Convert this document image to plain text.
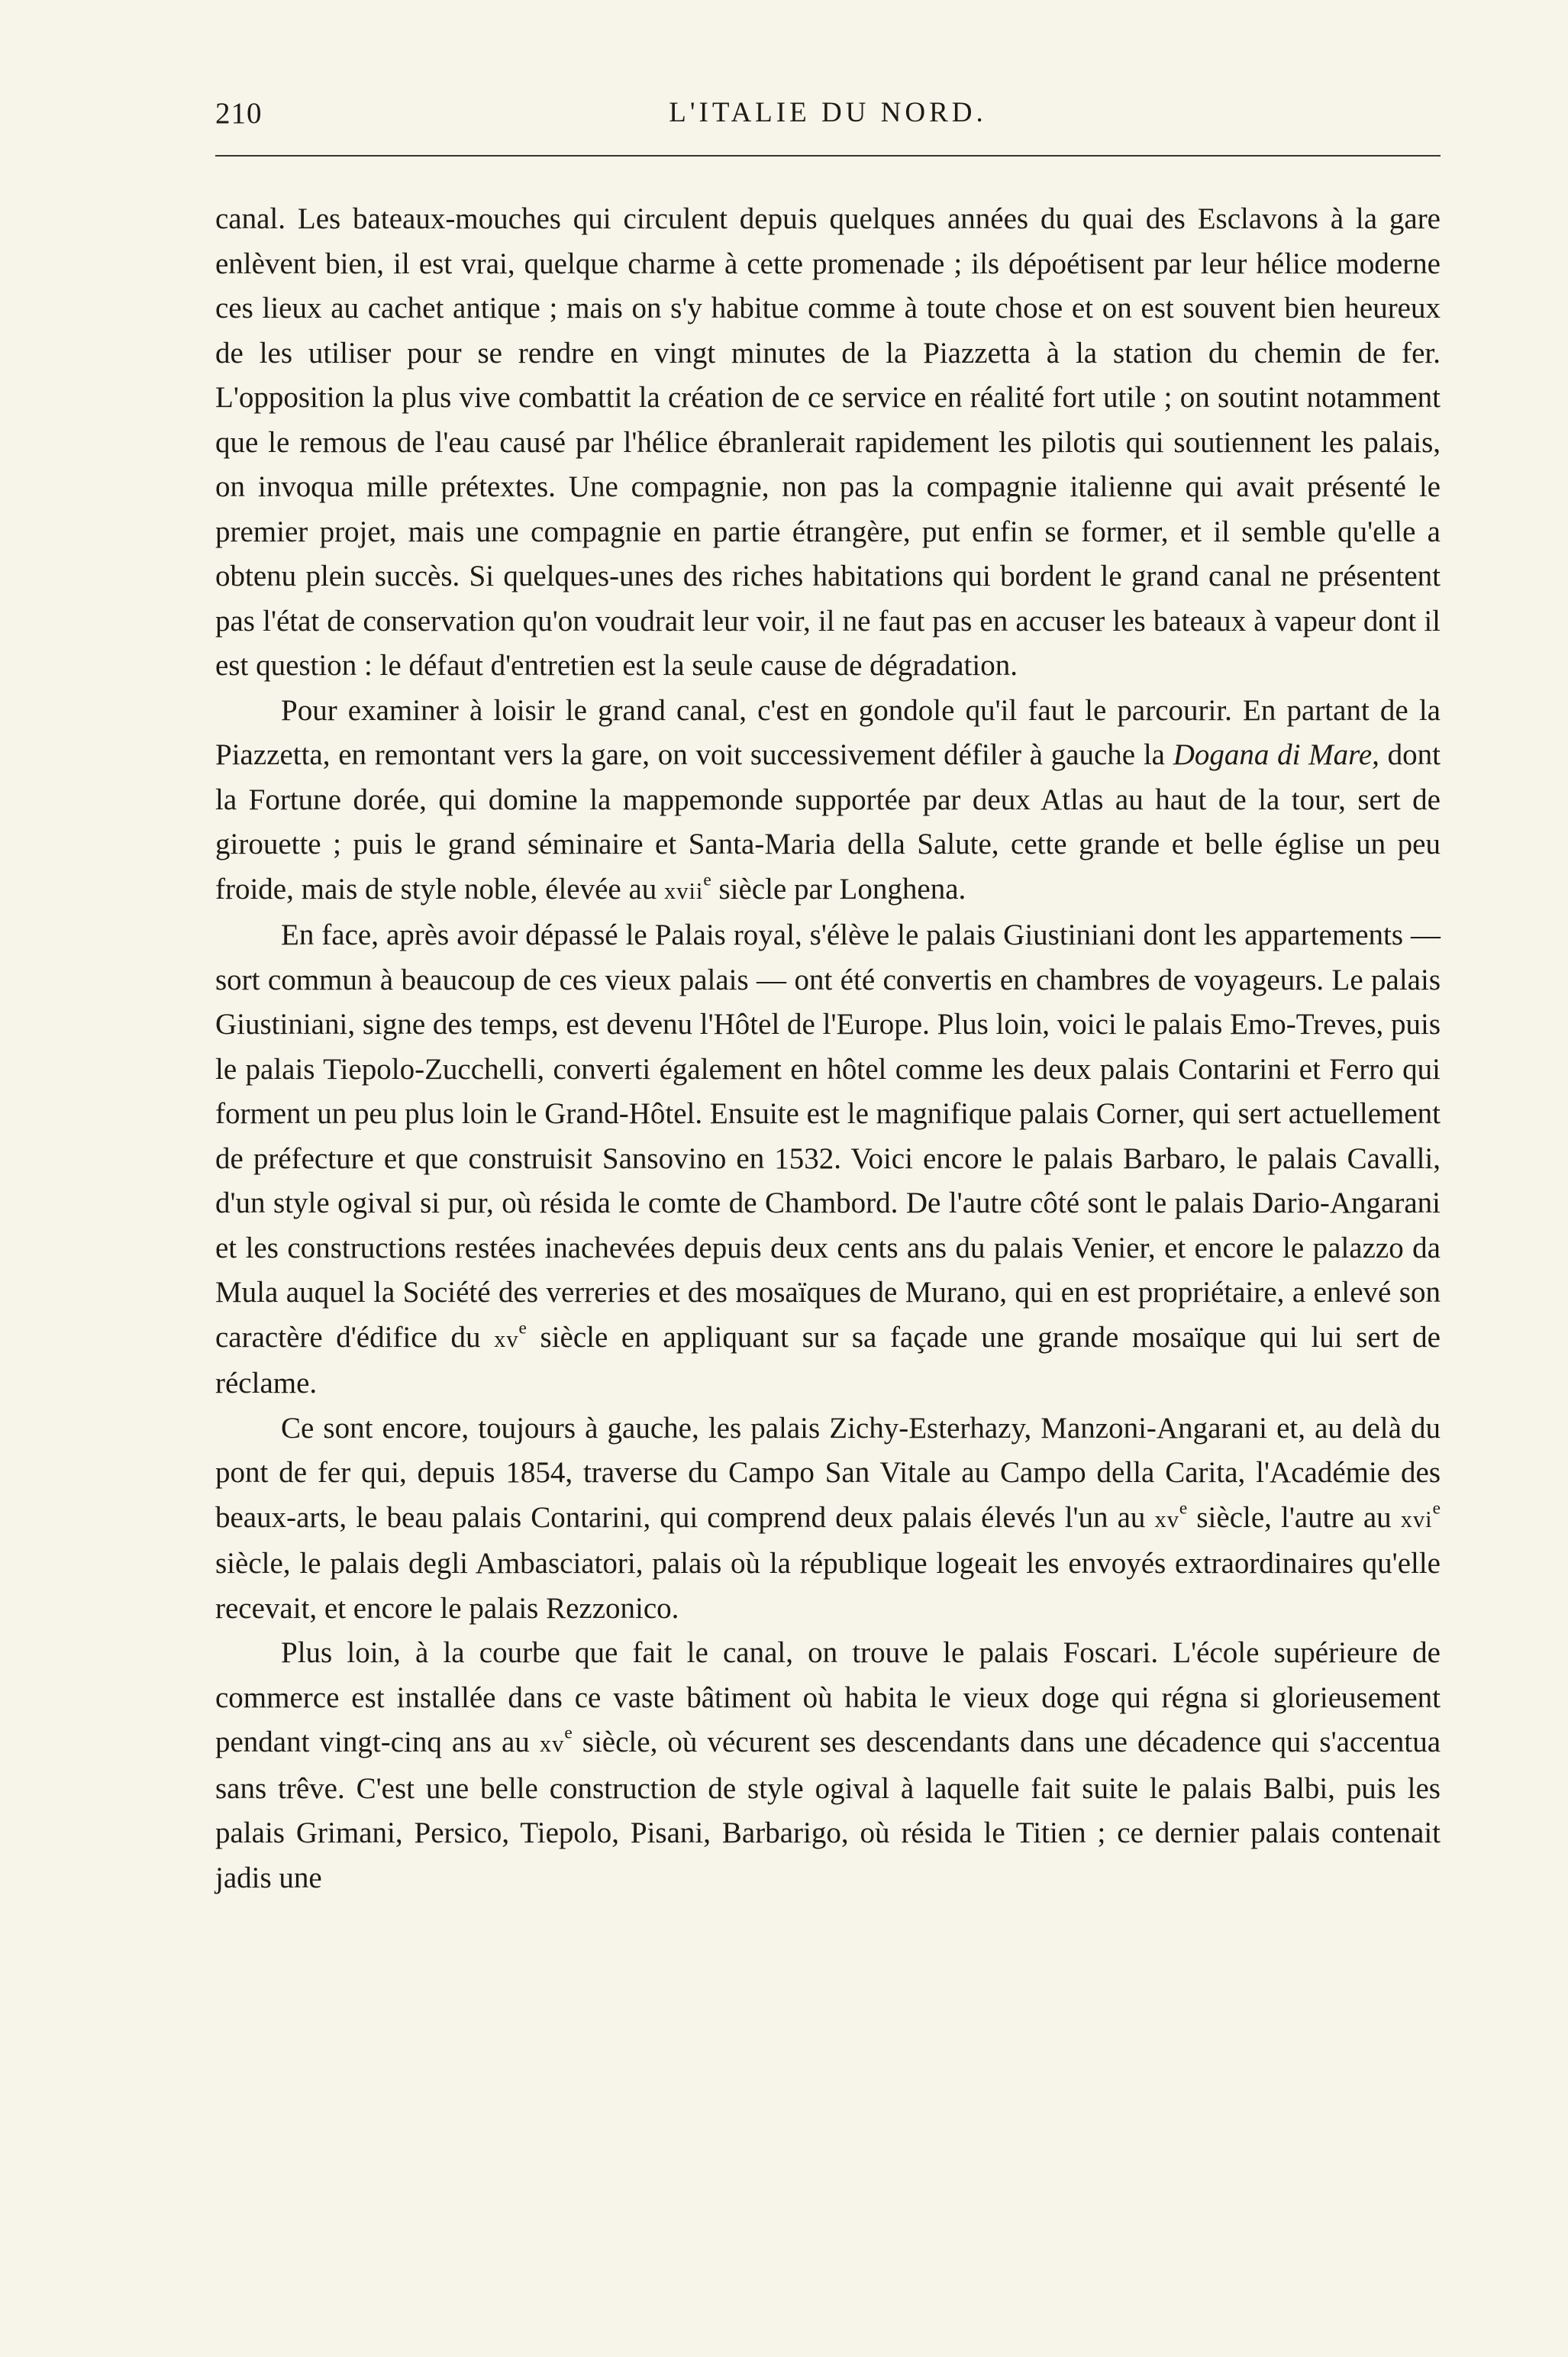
210	L'ITALIE DU NORD.

canal. Les bateaux-mouches qui circulent depuis quelques années du quai des Esclavons à la gare enlèvent bien, il est vrai, quelque charme à cette promenade ; ils dépoétisent par leur hélice moderne ces lieux au cachet antique ; mais on s'y habitue comme à toute chose et on est souvent bien heureux de les utiliser pour se rendre en vingt minutes de la Piazzetta à la station du chemin de fer. L'opposition la plus vive combattit la création de ce service en réalité fort utile ; on soutint notamment que le remous de l'eau causé par l'hélice ébranlerait rapidement les pilotis qui soutiennent les palais, on invoqua mille prétextes. Une compagnie, non pas la compagnie italienne qui avait présenté le premier projet, mais une compagnie en partie étrangère, put enfin se former, et il semble qu'elle a obtenu plein succès. Si quelques-unes des riches habitations qui bordent le grand canal ne présentent pas l'état de conservation qu'on voudrait leur voir, il ne faut pas en accuser les bateaux à vapeur dont il est question : le défaut d'entretien est la seule cause de dégradation.

Pour examiner à loisir le grand canal, c'est en gondole qu'il faut le parcourir. En partant de la Piazzetta, en remontant vers la gare, on voit successivement défiler à gauche la Dogana di Mare, dont la Fortune dorée, qui domine la mappemonde supportée par deux Atlas au haut de la tour, sert de girouette ; puis le grand séminaire et Santa-Maria della Salute, cette grande et belle église un peu froide, mais de style noble, élevée au xvii$^e$ siècle par Longhena.

En face, après avoir dépassé le Palais royal, s'élève le palais Giustiniani dont les appartements — sort commun à beaucoup de ces vieux palais — ont été convertis en chambres de voyageurs. Le palais Giustiniani, signe des temps, est devenu l'Hôtel de l'Europe. Plus loin, voici le palais Emo-Treves, puis le palais Tiepolo-Zucchelli, converti également en hôtel comme les deux palais Contarini et Ferro qui forment un peu plus loin le Grand-Hôtel. Ensuite est le magnifique palais Corner, qui sert actuellement de préfecture et que construisit Sansovino en 1532. Voici encore le palais Barbaro, le palais Cavalli, d'un style ogival si pur, où résida le comte de Chambord. De l'autre côté sont le palais Dario-Angarani et les constructions restées inachevées depuis deux cents ans du palais Venier, et encore le palazzo da Mula auquel la Société des verreries et des mosaïques de Murano, qui en est propriétaire, a enlevé son caractère d'édifice du $xv^e$ siècle en appliquant sur sa façade une grande mosaïque qui lui sert de réclame.

Ce sont encore, toujours à gauche, les palais Zichy-Esterhazy, Manzoni-Angarani et, au delà du pont de fer qui, depuis 1854, traverse du Campo San Vitale au Campo della Carita, l'Académie des beaux-arts, le beau palais Contarini, qui comprend deux palais élevés l'un au $xv^e$ siècle, l'autre au xvi$^e$ siècle, le palais degli Ambasciatori, palais où la république logeait les envoyés extraordinaires qu'elle recevait, et encore le palais Rezzonico.

Plus loin, à la courbe que fait le canal, on trouve le palais Foscari. L'école supérieure de commerce est installée dans ce vaste bâtiment où habita le vieux doge qui régna si glorieusement pendant vingt-cinq ans au $xv^e$ siècle, où vécurent ses descendants dans une décadence qui s'accentua sans trêve. C'est une belle construction de style ogival à laquelle fait suite le palais Balbi, puis les palais Grimani, Persico, Tiepolo, Pisani, Barbarigo, où résida le Titien ; ce dernier palais contenait jadis une
